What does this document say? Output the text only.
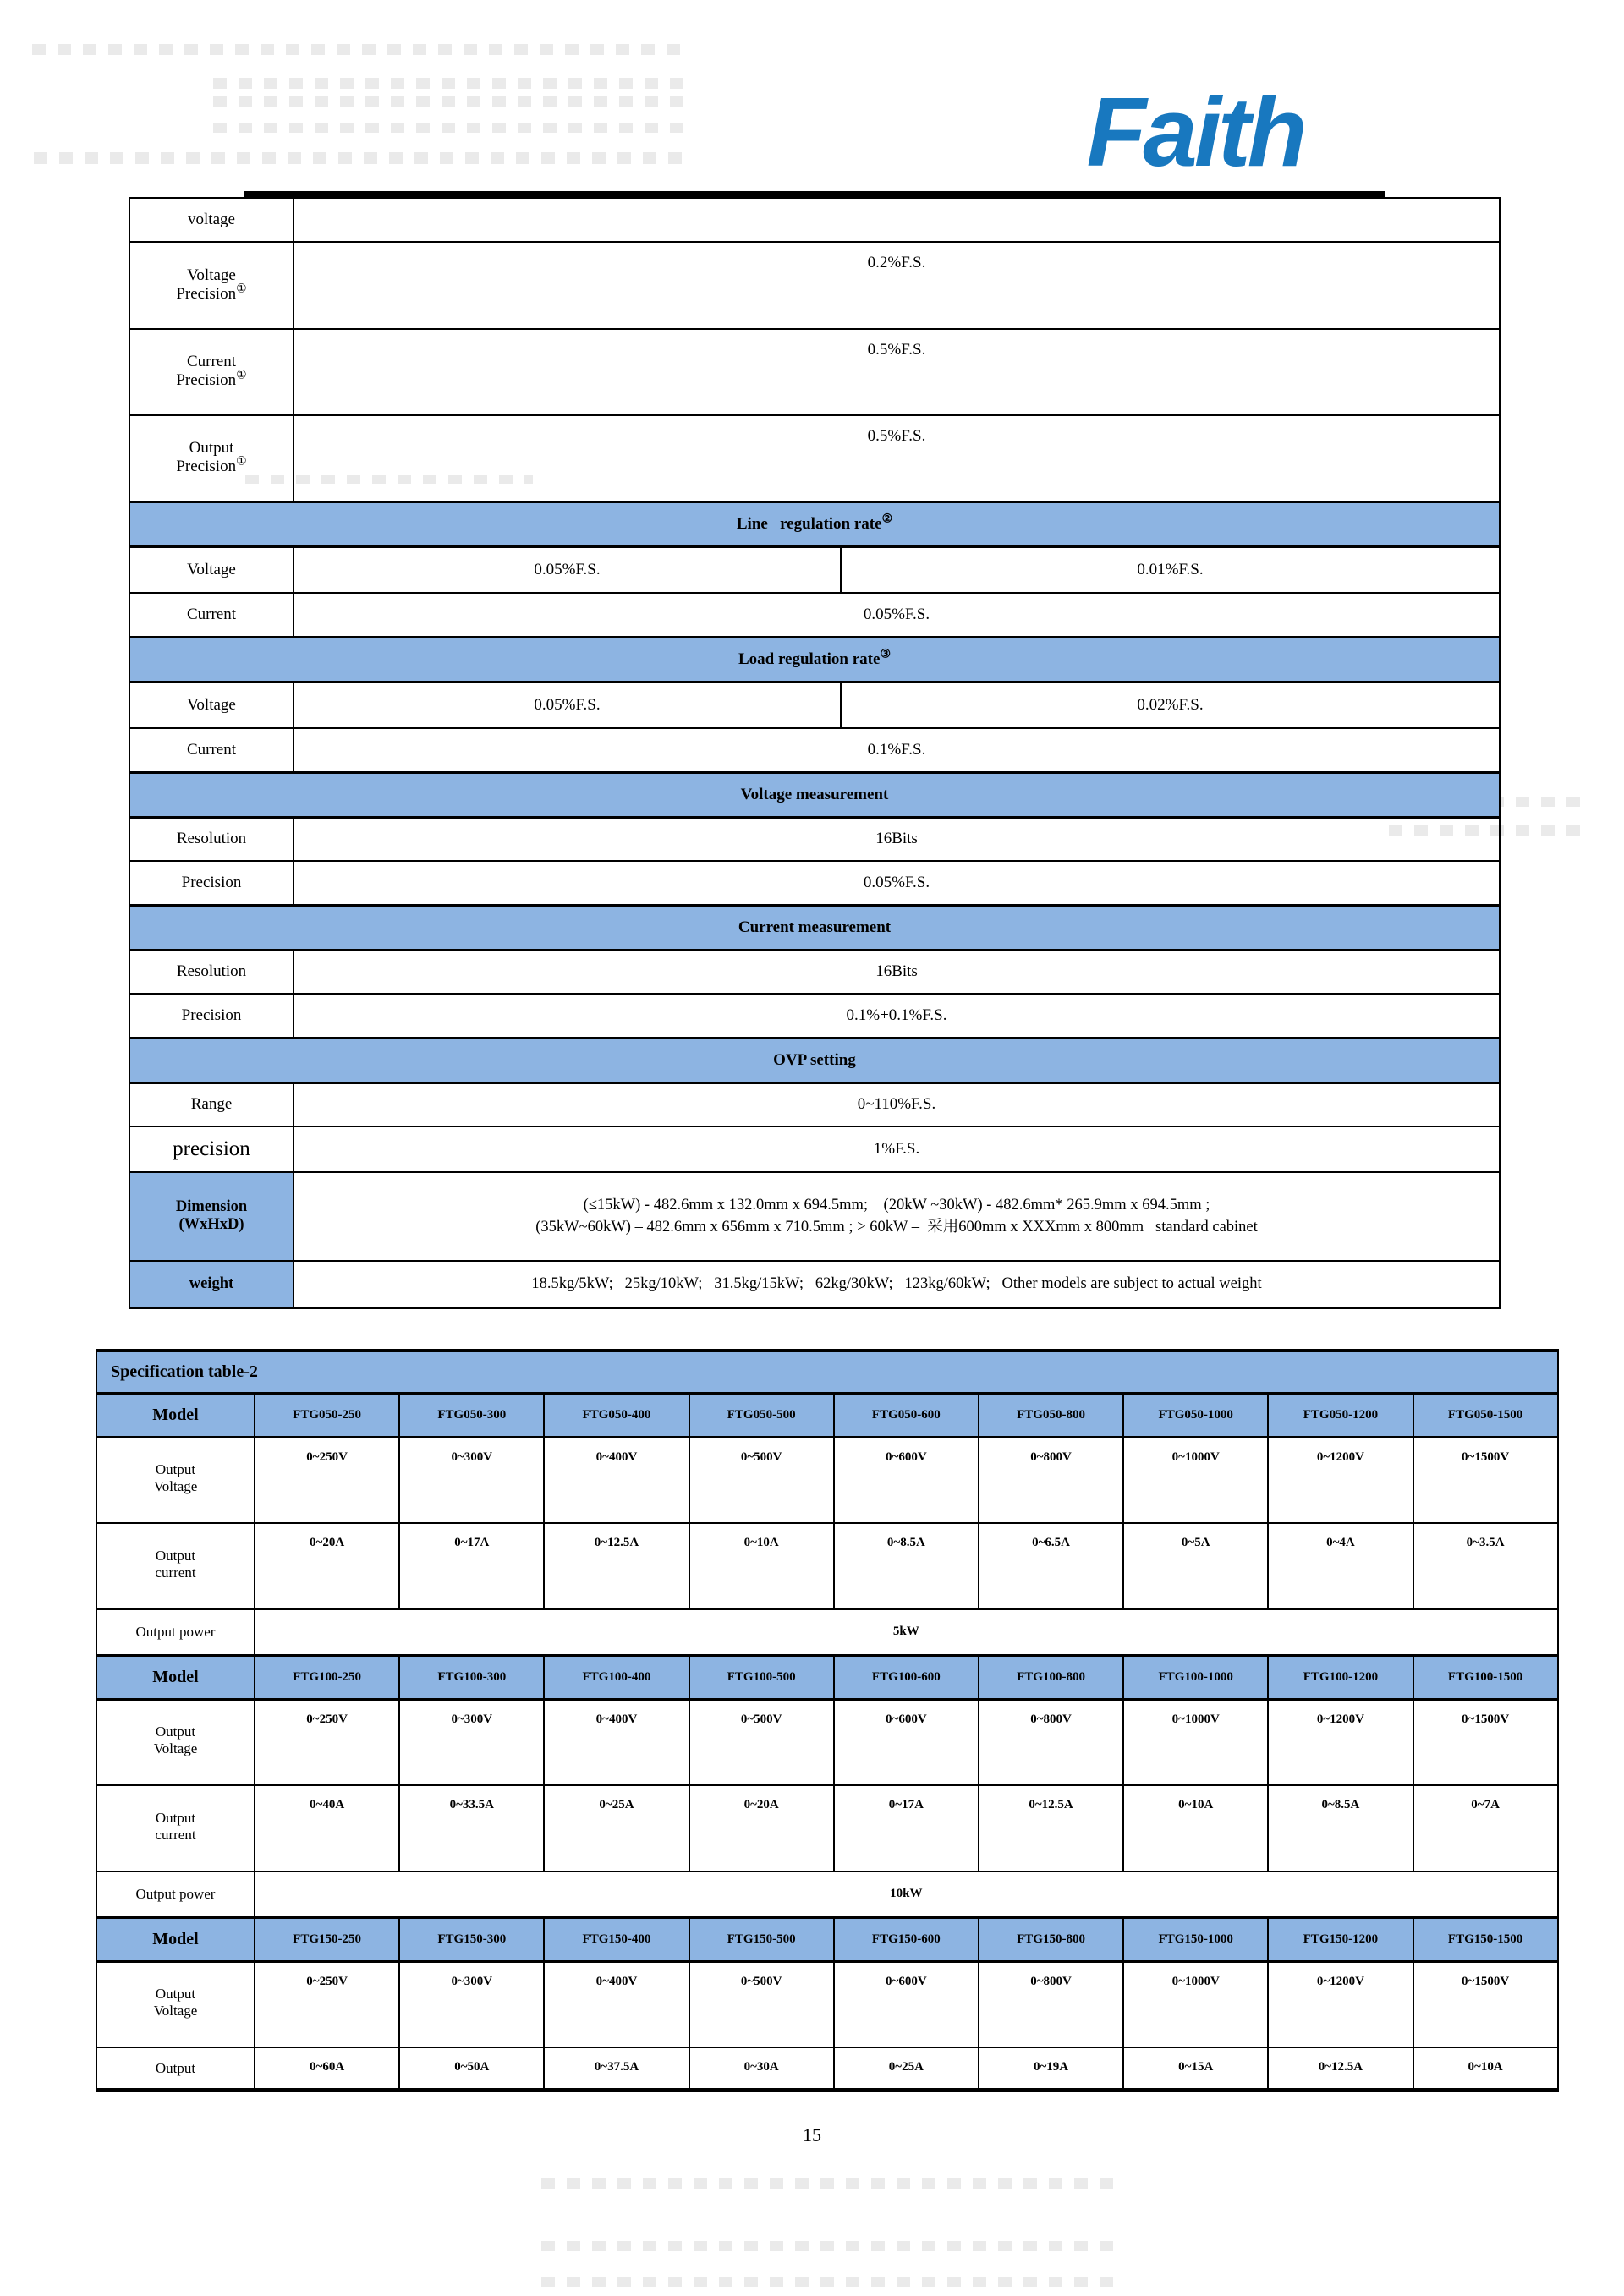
Faith
voltage		

Voltage
Precision①	0.2%F.S.	

Current
Precision①	0.5%F.S.	

Output
Precision①	0.5%F.S.	
Line   regulation rate②
Voltage	0.05%F.S.	0.01%F.S.
Current	0.05%F.S.	
Load regulation rate③
Voltage	0.05%F.S.	0.02%F.S.
Current	0.1%F.S.	
Voltage measurement		
Resolution	16Bits	
Precision	0.05%F.S.	
Current measurement		
Resolution	16Bits	
Precision	0.1%+0.1%F.S.	
OVP setting		
Range	0~110%F.S.	
precision	1%F.S.	

Dimension
(WxHxD)

(≤15kW) - 482.6mm x 132.0mm x 694.5mm;    (20kW ~30kW) - 482.6mm* 265.9mm x 694.5mm ;
(35kW~60kW) – 482.6mm x 656mm x 710.5mm ; > 60kW –  采用600mm x XXXmm x 800mm   standard cabinet

weight	18.5kg/5kW;   25kg/10kW;   31.5kg/15kW;   62kg/30kW;   123kg/60kW;   Other models are subject to actual weight	
Specification table-2									
Model	FTG050-250	FTG050-300	FTG050-400	FTG050-500	FTG050-600	FTG050-800	FTG050-1000	FTG050-1200	FTG050-1500

Output
Voltage	0~250V	0~300V	0~400V	0~500V	0~600V	0~800V	0~1000V	0~1200V	0~1500V

Output
current	0~20A	0~17A	0~12.5A	0~10A	0~8.5A	0~6.5A	0~5A	0~4A	0~3.5A
Output power	5kW								
Model	FTG100-250	FTG100-300	FTG100-400	FTG100-500	FTG100-600	FTG100-800	FTG100-1000	FTG100-1200	FTG100-1500

Output
Voltage	0~250V	0~300V	0~400V	0~500V	0~600V	0~800V	0~1000V	0~1200V	0~1500V

Output
current	0~40A	0~33.5A	0~25A	0~20A	0~17A	0~12.5A	0~10A	0~8.5A	0~7A
Output power	10kW								
Model	FTG150-250	FTG150-300	FTG150-400	FTG150-500	FTG150-600	FTG150-800	FTG150-1000	FTG150-1200	FTG150-1500

Output
Voltage	0~250V	0~300V	0~400V	0~500V	0~600V	0~800V	0~1000V	0~1200V	0~1500V
Output	0~60A	0~50A	0~37.5A	0~30A	0~25A	0~19A	0~15A	0~12.5A	0~10A
15
